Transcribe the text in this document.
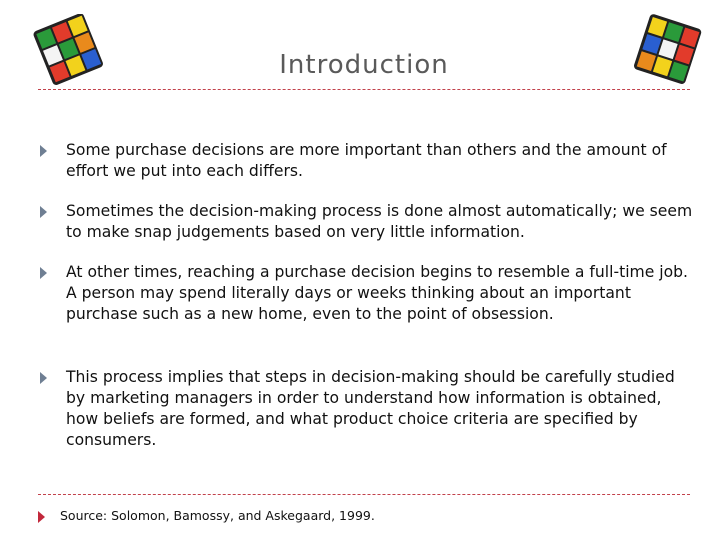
Introduction
Some purchase decisions are more important than others and the amount of effort we put into each differs.
Sometimes the decision-making process is done almost automatically; we seem to make snap judgements based on very little information.
At other times, reaching a purchase decision begins to resemble a full-time job. A person may spend literally days or weeks thinking about an important purchase such as a new home, even to the point of obsession.
This process implies that steps in decision-making should be carefully studied by marketing managers in order to understand how information is obtained, how beliefs are formed, and what product choice criteria are specified by consumers.
Source: Solomon, Bamossy, and Askegaard, 1999.
